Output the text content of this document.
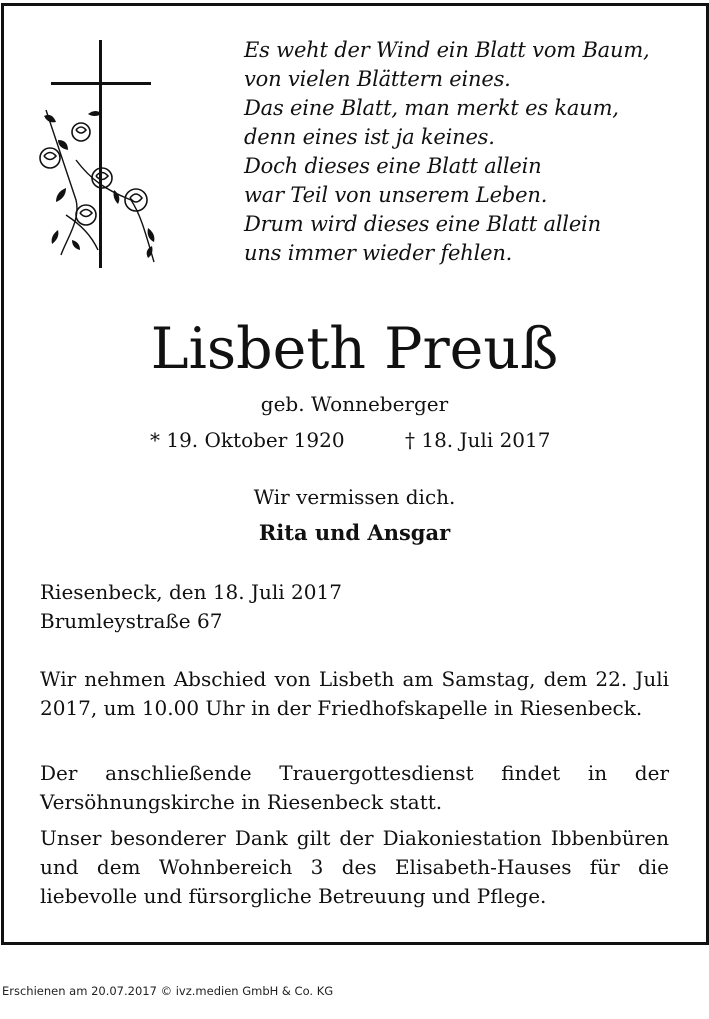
Es weht der Wind ein Blatt vom Baum,
von vielen Blättern eines.
Das eine Blatt, man merkt es kaum,
denn eines ist ja keines.
Doch dieses eine Blatt allein
war Teil von unserem Leben.
Drum wird dieses eine Blatt allein
uns immer wieder fehlen.
Lisbeth Preuß
geb. Wonneberger
* 19. Oktober 1920	† 18. Juli 2017
Wir vermissen dich.
Rita und Ansgar
Riesenbeck, den 18. Juli 2017
Brumleystraße 67
Wir nehmen Abschied von Lisbeth am Samstag, dem 22. Juli 2017, um 10.00 Uhr in der Friedhofskapelle in Riesenbeck.
Der anschließende Trauergottesdienst findet in der Versöhnungskirche in Riesenbeck statt.
Unser besonderer Dank gilt der Diakoniestation Ibbenbüren und dem Wohnbereich 3 des Elisabeth-Hauses für die liebevolle und fürsorgliche Betreuung und Pflege.
Erschienen am 20.07.2017 © ivz.medien GmbH & Co. KG
